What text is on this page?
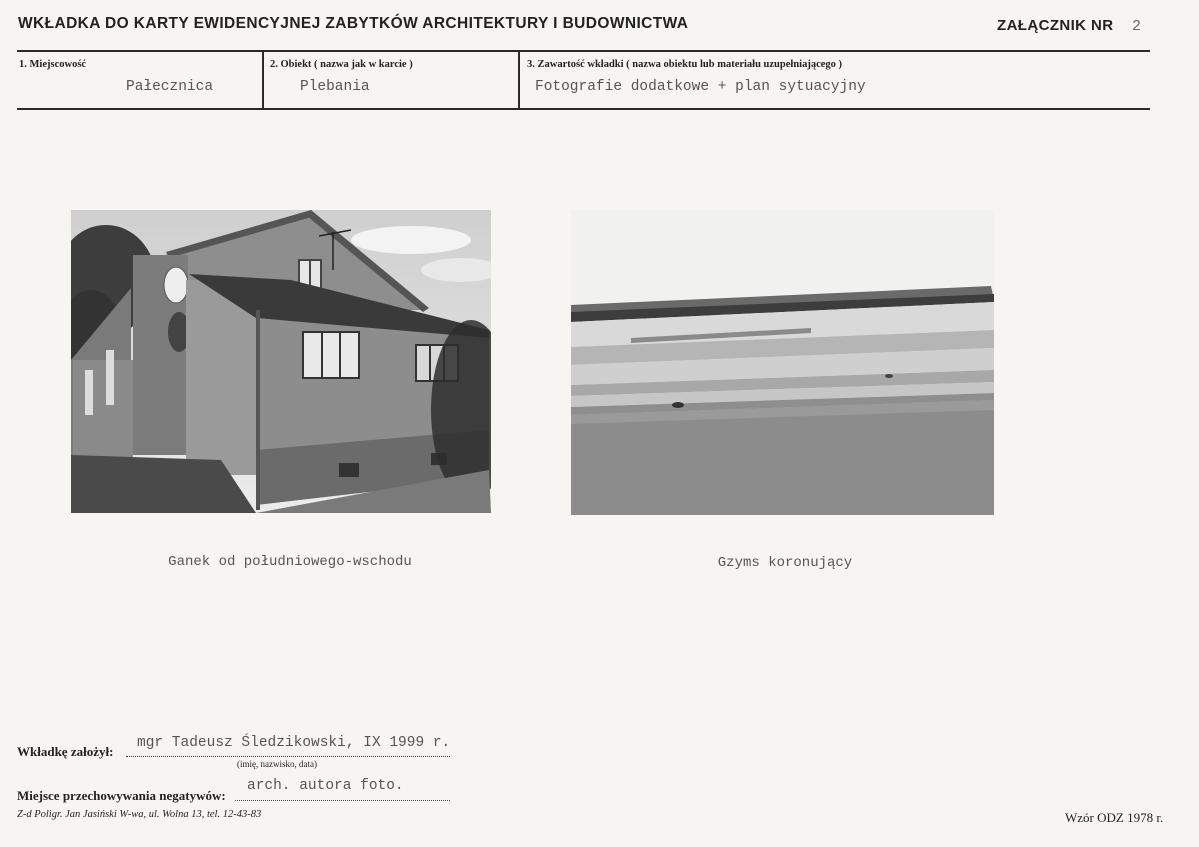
WKŁADKA DO KARTY EWIDENCYJNEJ ZABYTKÓW ARCHITEKTURY I BUDOWNICTWA	ZAŁĄCZNIK NR 2
1. Miejscowość
Pałecznica
2. Obiekt ( nazwa jak w karcie )
Plebania
3. Zawartość wkładki ( nazwa obiektu lub materiału uzupełniającego )
Fotografie dodatkowe + plan sytuacyjny
Ganek od południowego-wschodu	Gzyms koronujący
Wkładkę założył:
mgr Tadeusz Śledzikowski, IX 1999 r.
(imię, nazwisko, data)
Miejsce przechowywania negatywów:
arch. autora foto.
Z-d Poligr. Jan Jasiński W-wa, ul. Wolna 13, tel. 12-43-83	Wzór ODZ 1978 r.
